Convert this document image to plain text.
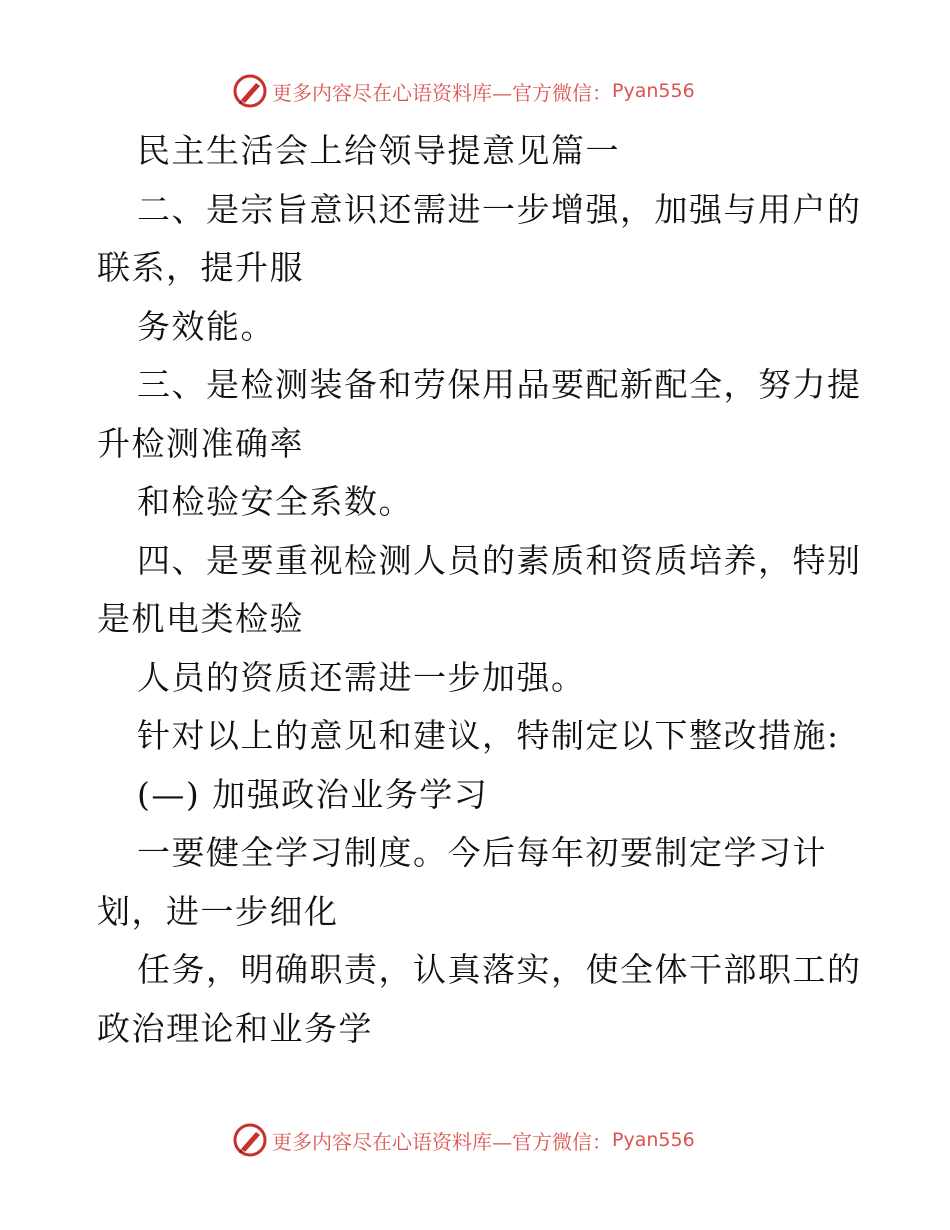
更多内容尽在心语资料库—官方微信： Pyan556
民主生活会上给领导提意见篇一
二、是宗旨意识还需进一步增强，加强与用户的
联系，提升服
务效能。
三、是检测装备和劳保用品要配新配全，努力提
升检测准确率
和检验安全系数。
四、是要重视检测人员的素质和资质培养，特别
是机电类检验
人员的资质还需进一步加强。
针对以上的意见和建议，特制定以下整改措施:
(—) 加强政治业务学习
一要健全学习制度。今后每年初要制定学习计
划，进一步细化
任务，明确职责，认真落实，使全体干部职工的
政治理论和业务学
更多内容尽在心语资料库—官方微信： Pyan556
